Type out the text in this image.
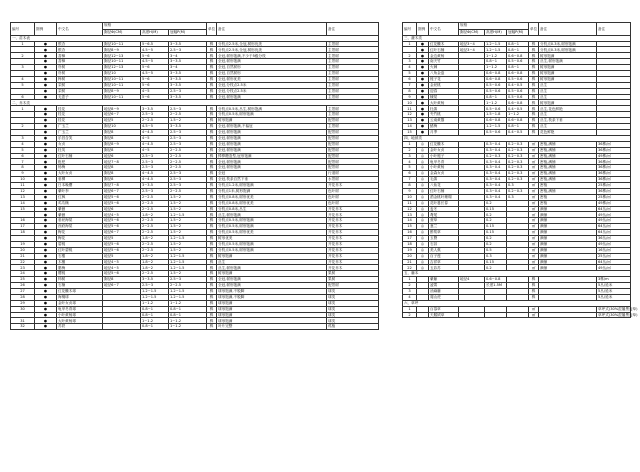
编号	图例	中文名	规格			单位	备注	备注
			胸径Φ(CM)	高度H(M)	冠幅P(M)			
一、苗木表								
1	●	银杏	胸径10~11	5~6.5	3~3.5	株	分枝点2.5米,全冠,树形优美	主景树
	●	银杏	胸径8~9	4.5~5	2.5~3	株	分枝点2.5米,全冠,树形优美	主景树
2	●	香樟	胸径12~13	5~6	3~4	株	全冠,树形饱满,不少于5级分枝	主景树
	●	香樟	胸径10~11	4.5~5	3~3.5	株	全冠,树形饱满	主景树
3	●	朴树	胸径12~13	5~6	3~4	株	全冠,自然树形	主景树
	●	朴树	胸径10	4.5~5	3~3.5	株	全冠,自然树形	主景树
4	●	榉树	胸径10~11	5~6	3~3.5	株	全冠,树形优美	主景树
5	●	栾树	胸径10~11	5~6	3~3.5	株	全冠,分枝点2.5米	主景树
	●	栾树	胸径8~9	4~5	2.5~3	株	全冠,分枝点2.5米	主景树
6	●	无患子	胸径10~11	5~6	3~3.5	株	全冠,树形饱满	主景树
二、乔木类								
1	●	桂花	地径8~9	3~3.5	2.5~3	株	分枝点0.5米,丛生,树形饱满	主景树
	●	桂花	地径6~7	2.5~3	2~2.5	株	分枝点0.5米,树形饱满	主景树
	●	桂花	地径5	2~2.5	1.5~2	株	树形饱满	配景树
2	●	广玉兰	胸径10	4.5~5	3~3.5	株	全冠,树形饱满,不偏冠	主景树
	●	广玉兰	胸径8	4~4.5	2.5~3	株	全冠,树形饱满	配景树
3	●	乐昌含笑	胸径8	4~5	2.5~3	株	全冠,树形饱满	配景树
4	●	女贞	胸径8~9	4~4.5	2.5~3	株	全冠,树形饱满	配景树
5	●	杜英	胸径8	4~5	2~2.5	株	全冠,树形饱满	配景树
6	●	红叶石楠	地径6	2.5~3	2~2.5	株	棒棒糖造型,冠形饱满	配景树
7	●	枇杷	地径7~8	2.5~3	2~2.5	株	全冠,树形饱满	配景树
8	●	杨梅	地径8	2.5~3	2~2.5	株	全冠,树形饱满	配景树
9	●	大叶女贞	胸径8	4~4.5	2.5~3	株	全冠	行道树
10	●	垂柳	胸径8	4~4.5	2.5~3	株	全冠,枝条自然下垂	水景树
11	●	日本晚樱	胸径7~8	3~3.5	2.5~3	株	分枝点1.2米,树形饱满	开花乔木
12	●	紫叶李	地径6~7	2.5~3	2~2.5	株	分枝点1米,树形饱满	色叶树
13	●	红枫	地径5~6	2~2.5	1.5~2	株	分枝点0.8米,树形优美	色叶树
14	●	鸡爪槭	地径5~6	2~2.5	1.5~2	株	分枝点0.8米,树形优美	色叶树
15	●	紫薇	地径6	2~2.5	1.5~2	株	分枝点0.8米,丛生	开花乔木
	●	紫薇	地径4~5	1.8~2	1.2~1.5	株	丛生,树形饱满	开花乔木
16	●	垂丝海棠	地径5~6	2~2.5	1.5~2	株	分枝点0.5米,树形饱满	开花乔木
17	●	西府海棠	地径5~6	2~2.5	1.5~2	株	分枝点0.5米,树形饱满	开花乔木
18	●	梅花	地径6~7	2~2.5	1.5~2	株	分枝点0.5米,树形优美	开花乔木
	●	梅花	地径5	1.8~2	1.2~1.5	株	树形优美	开花乔木
19	●	碧桃	地径5~6	2~2.5	1.5~2	株	分枝点0.5米,树形饱满	开花乔木
20	●	红叶碧桃	地径5~6	2~2.5	1.5~2	株	分枝点0.5米,树形饱满	开花乔木
21	●	石榴	地径5	1.8~2	1.2~1.5	株	树形饱满	开花乔木
22	●	木槿	地径4~5	1.8~2	1.2~1.5	株	丛生	开花乔木
23	●	腊梅	地径4~5	1.8~2	1.2~1.5	株	丛生,树形饱满	开花乔木
24	●	樱桃	地径5~6	2~2.5	1.5~2	株	树形饱满	果树
25	●	柿树	胸径8	3~3.5	2.5~3	株	全冠,树形饱满	果树
26	●	石楠	地径6~7	2.5~3	2~2.5	株	全冠,树形饱满	配景树
27	●	红花檵木球		1.2~1.5	1.2~1.5	株	球形饱满,不脱脚	球类
28	●	海桐球		1.2~1.5	1.2~1.5	株	球形饱满,不脱脚	球类
29	●	金叶女贞球		1~1.2	1~1.2	株	球形饱满	球类
30	●	龟甲冬青球		0.8~1	0.8~1	株	球形饱满	球类
	●	小叶黄杨球		0.8~1	0.8~1	株	球形饱满	球类
31	●	大叶黄杨球		1~1.2	1~1.2	株	球形饱满	球类
32	●	苏铁		0.8~1	1~1.2	株	叶片完整	孤植
编号	图例	中文名	规格			单位	备注	备注
			胸径Φ(CM)	高度H(M)	冠幅P(M)			
三、灌木类								
1	●	红花檵木	地径3~4	1.2~1.5	0.8~1	株	分枝点0.3米,树形饱满	
	●	红叶石楠	地径3~4	1.2~1.5	0.8~1	株	分枝点0.3米,树形饱满	
2	●	金边黄杨		1~1.2	0.6~0.8	株	树形饱满	
3	●	南天竹		0.8~1	0.5~0.6	株	丛生,树形饱满	
4	●	火棘		1~1.2	0.8~1	株	树形饱满	
5	●	八角金盘		0.6~0.8	0.6~0.8	株	树形饱满	
6	●	栀子花		0.6~0.8	0.5~0.6	株	树形饱满	
7	●	金丝桃		0.5~0.6	0.4~0.5	株	丛生	
8	●	迎春		0.5~0.6	0.5~0.6	株	丛生	
9	●	棣棠		0.8~1	0.5~0.6	株	丛生	
10	●	大叶黄杨		1~1.2	0.6~0.8	株	树形饱满	
11	●	杜鹃		0.5~0.6	0.4~0.5	株	丛生,花色鲜艳	
12	●	夹竹桃		1.5~1.8	1~1.2	株	丛生	
13	●	云南黄馨		0.6~0.8	0.6~0.8	株	丛生,枝条下垂	
14	●	蜡梅		1.2~1.5	0.8~1	株	丛生	
15	●	月季		0.5~0.6	0.4~0.5	株	花色鲜艳	
四、地被类								
1	◎	红花檵木		0.3~0.4	0.2~0.3	㎡	密植,满铺	36株/㎡
2	◎	金叶女贞		0.3~0.4	0.2~0.3	㎡	密植,满铺	36株/㎡
3	◎	小叶栀子		0.2~0.3	0.2~0.3	㎡	密植,满铺	49株/㎡
4	◎	龟甲冬青		0.3~0.4	0.2~0.3	㎡	密植,满铺	36株/㎡
5	◎	小叶黄杨		0.3~0.4	0.2~0.3	㎡	密植,满铺	36株/㎡
6	◎	金森女贞		0.3~0.4	0.2~0.3	㎡	密植,满铺	36株/㎡
7	◎	毛鹃		0.3~0.4	0.2~0.3	㎡	密植,满铺	36株/㎡
8	◎	八仙花		0.3~0.4	0.3	㎡	密植	25株/㎡
9	◎	红叶石楠		0.3~0.4	0.2~0.3	㎡	密植,满铺	36株/㎡
10	◎	洒金桃叶珊瑚		0.3~0.4	0.3	㎡	密植	25株/㎡
11	◎	花叶蔓长春		0.2		㎡	密植	49株/㎡
12	◎	麦冬		0.15		㎡	满铺	64丛/㎡
13	◎	鸢尾		0.2		㎡	满铺	49丛/㎡
14	◎	萱草		0.2		㎡	满铺	49丛/㎡
15	◎	葱兰		0.15		㎡	满铺	64丛/㎡
16	◎	酢浆草		0.15		㎡	满铺	64丛/㎡
17	◎	玉簪		0.2		㎡	满铺	36丛/㎡
18	◎	石蒜		0.2		㎡	满铺	49丛/㎡
19	◎	美人蕉		0.5		㎡	满铺	16丛/㎡
20	◎	百子莲		0.3		㎡	满铺	25丛/㎡
21	◎	吉祥草		0.15		㎡	满铺	64丛/㎡
22	◎	五彩苏		0.2		㎡	满铺	49丛/㎡
五、藤本								
1		紫藤	地径4	0.6~0.8		株		3株/m
2		凌霄		长度1.5M		株		5丛/延米
3		油麻藤				株		5丛/延米
4		爬山虎				株		5丛/延米
六、草坪								
1		百慕草				㎡		草坪式(30%混播黑麦草)
2		天鹅绒草				㎡		草坪式(30%混播黑麦草)
